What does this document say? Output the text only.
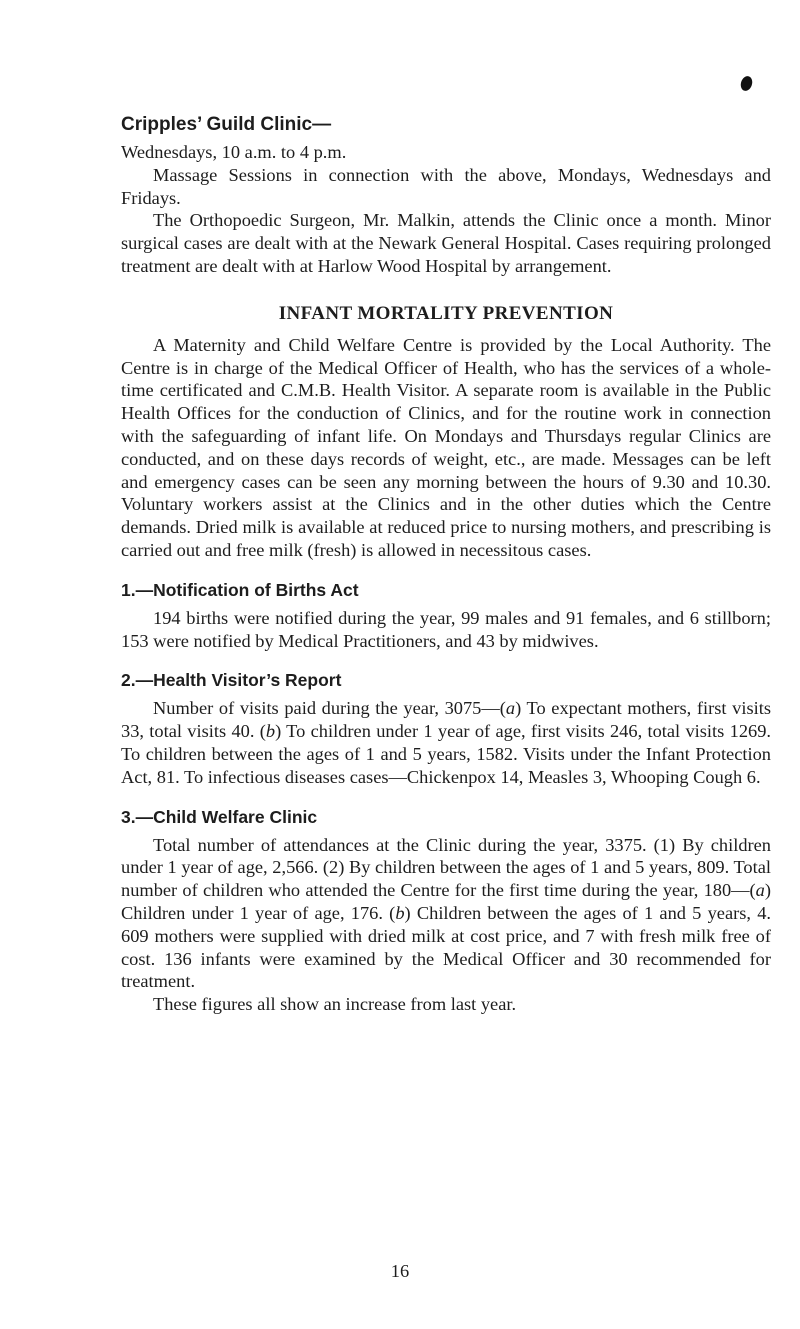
Cripples’ Guild Clinic—

Wednesdays, 10 a.m. to 4 p.m.

Massage Sessions in connection with the above, Mondays, Wednesdays and Fridays.

The Orthopoedic Surgeon, Mr. Malkin, attends the Clinic once a month. Minor surgical cases are dealt with at the Newark General Hospital. Cases requiring prolonged treatment are dealt with at Harlow Wood Hospital by arrangement.

INFANT MORTALITY PREVENTION

A Maternity and Child Welfare Centre is provided by the Local Authority. The Centre is in charge of the Medical Officer of Health, who has the services of a whole-time certificated and C.M.B. Health Visitor. A separate room is available in the Public Health Offices for the conduction of Clinics, and for the routine work in connection with the safeguarding of infant life. On Mondays and Thursdays regular Clinics are conducted, and on these days records of weight, etc., are made. Messages can be left and emergency cases can be seen any morning between the hours of 9.30 and 10.30. Voluntary workers assist at the Clinics and in the other duties which the Centre demands. Dried milk is available at reduced price to nursing mothers, and prescribing is carried out and free milk (fresh) is allowed in necessitous cases.

1.—Notification of Births Act

194 births were notified during the year, 99 males and 91 females, and 6 stillborn; 153 were notified by Medical Practitioners, and 43 by midwives.

2.—Health Visitor’s Report

Number of visits paid during the year, 3075—(a) To expectant mothers, first visits 33, total visits 40. (b) To children under 1 year of age, first visits 246, total visits 1269. To children between the ages of 1 and 5 years, 1582. Visits under the Infant Protection Act, 81. To infectious diseases cases—Chickenpox 14, Measles 3, Whooping Cough 6.

3.—Child Welfare Clinic

Total number of attendances at the Clinic during the year, 3375. (1) By children under 1 year of age, 2,566. (2) By children between the ages of 1 and 5 years, 809. Total number of children who attended the Centre for the first time during the year, 180—(a) Children under 1 year of age, 176. (b) Children between the ages of 1 and 5 years, 4. 609 mothers were supplied with dried milk at cost price, and 7 with fresh milk free of cost. 136 infants were examined by the Medical Officer and 30 recommended for treatment.

These figures all show an increase from last year.

16
